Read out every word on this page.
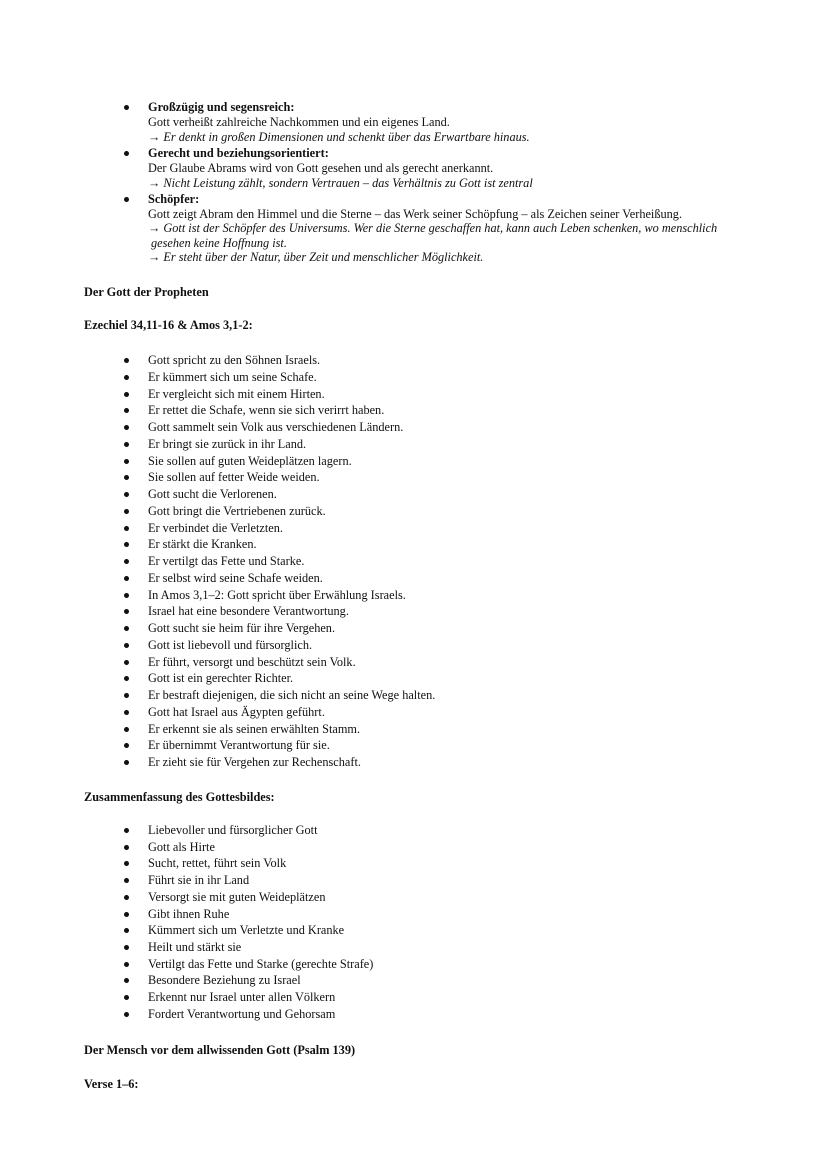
Großzügig und segensreich:
Gott verheißt zahlreiche Nachkommen und ein eigenes Land.
→ Er denkt in großen Dimensionen und schenkt über das Erwartbare hinaus.
Gerecht und beziehungsorientiert:
Der Glaube Abrams wird von Gott gesehen und als gerecht anerkannt.
→ Nicht Leistung zählt, sondern Vertrauen – das Verhältnis zu Gott ist zentral
Schöpfer:
Gott zeigt Abram den Himmel und die Sterne – das Werk seiner Schöpfung – als Zeichen seiner Verheißung.
→ Gott ist der Schöpfer des Universums. Wer die Sterne geschaffen hat, kann auch Leben schenken, wo menschlich
gesehen keine Hoffnung ist.
→ Er steht über der Natur, über Zeit und menschlicher Möglichkeit.
Der Gott der Propheten
Ezechiel 34,11-16 & Amos 3,1-2:
Gott spricht zu den Söhnen Israels.
Er kümmert sich um seine Schafe.
Er vergleicht sich mit einem Hirten.
Er rettet die Schafe, wenn sie sich verirrt haben.
Gott sammelt sein Volk aus verschiedenen Ländern.
Er bringt sie zurück in ihr Land.
Sie sollen auf guten Weideplätzen lagern.
Sie sollen auf fetter Weide weiden.
Gott sucht die Verlorenen.
Gott bringt die Vertriebenen zurück.
Er verbindet die Verletzten.
Er stärkt die Kranken.
Er vertilgt das Fette und Starke.
Er selbst wird seine Schafe weiden.
In Amos 3,1–2: Gott spricht über Erwählung Israels.
Israel hat eine besondere Verantwortung.
Gott sucht sie heim für ihre Vergehen.
Gott ist liebevoll und fürsorglich.
Er führt, versorgt und beschützt sein Volk.
Gott ist ein gerechter Richter.
Er bestraft diejenigen, die sich nicht an seine Wege halten.
Gott hat Israel aus Ägypten geführt.
Er erkennt sie als seinen erwählten Stamm.
Er übernimmt Verantwortung für sie.
Er zieht sie für Vergehen zur Rechenschaft.
Zusammenfassung des Gottesbildes:
Liebevoller und fürsorglicher Gott
Gott als Hirte
Sucht, rettet, führt sein Volk
Führt sie in ihr Land
Versorgt sie mit guten Weideplätzen
Gibt ihnen Ruhe
Kümmert sich um Verletzte und Kranke
Heilt und stärkt sie
Vertilgt das Fette und Starke (gerechte Strafe)
Besondere Beziehung zu Israel
Erkennt nur Israel unter allen Völkern
Fordert Verantwortung und Gehorsam
Der Mensch vor dem allwissenden Gott (Psalm 139)
Verse 1–6:
